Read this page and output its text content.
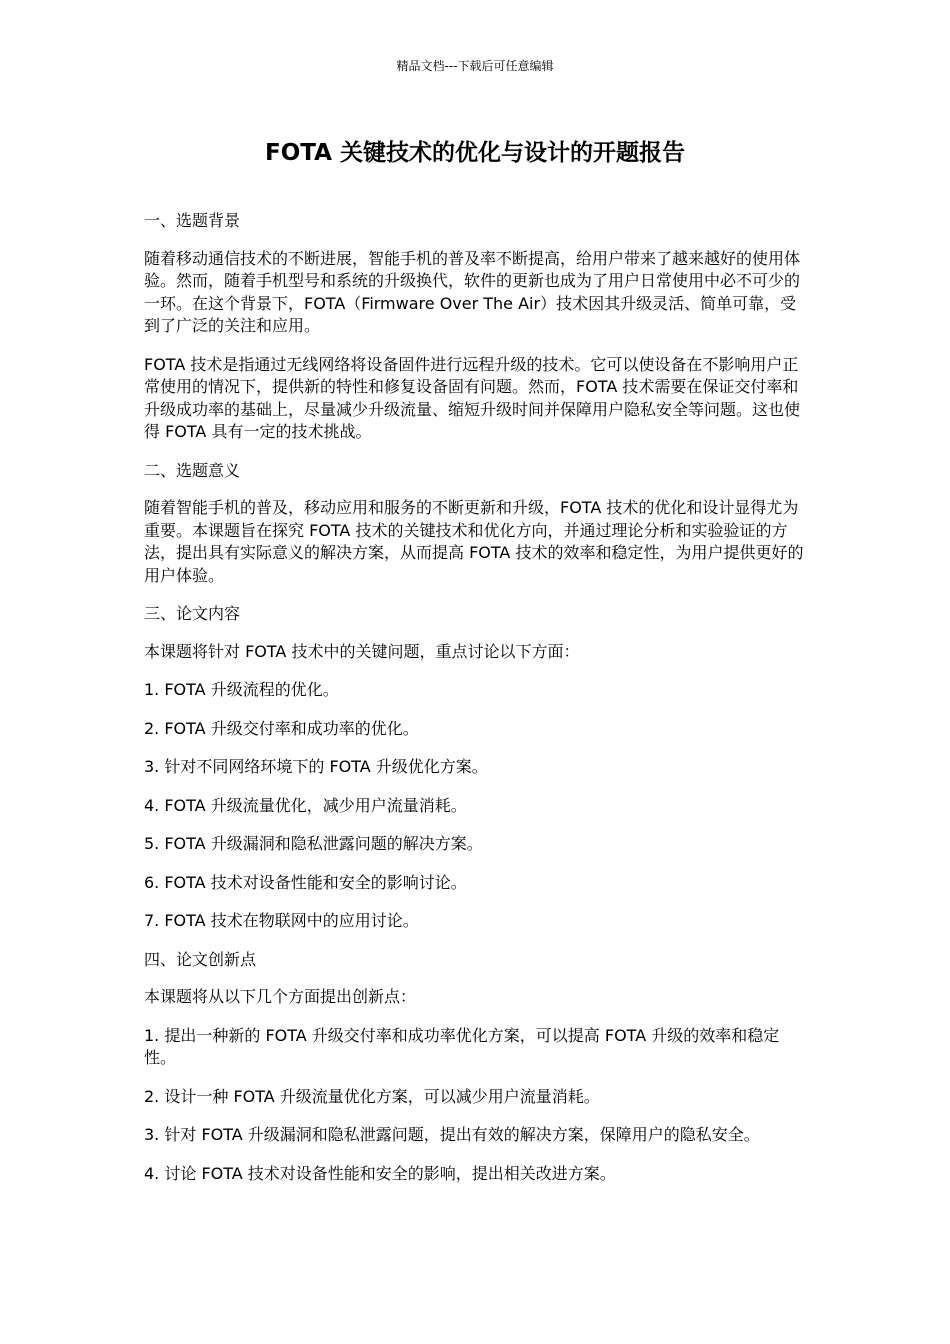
精品文档---下载后可任意编辑
FOTA 关键技术的优化与设计的开题报告

一、选题背景

随着移动通信技术的不断进展，智能手机的普及率不断提高，给用户带来了越来越好的使用体验。然而，随着手机型号和系统的升级换代，软件的更新也成为了用户日常使用中必不可少的一环。在这个背景下，FOTA（Firmware Over The Air）技术因其升级灵活、简单可靠，受到了广泛的关注和应用。

FOTA 技术是指通过无线网络将设备固件进行远程升级的技术。它可以使设备在不影响用户正常使用的情况下，提供新的特性和修复设备固有问题。然而，FOTA 技术需要在保证交付率和升级成功率的基础上，尽量减少升级流量、缩短升级时间并保障用户隐私安全等问题。这也使得 FOTA 具有一定的技术挑战。

二、选题意义

随着智能手机的普及，移动应用和服务的不断更新和升级，FOTA 技术的优化和设计显得尤为重要。本课题旨在探究 FOTA 技术的关键技术和优化方向，并通过理论分析和实验验证的方法，提出具有实际意义的解决方案，从而提高 FOTA 技术的效率和稳定性，为用户提供更好的用户体验。

三、论文内容

本课题将针对 FOTA 技术中的关键问题，重点讨论以下方面：

1. FOTA 升级流程的优化。

2. FOTA 升级交付率和成功率的优化。

3. 针对不同网络环境下的 FOTA 升级优化方案。

4. FOTA 升级流量优化，减少用户流量消耗。

5. FOTA 升级漏洞和隐私泄露问题的解决方案。

6. FOTA 技术对设备性能和安全的影响讨论。

7. FOTA 技术在物联网中的应用讨论。

四、论文创新点

本课题将从以下几个方面提出创新点：

1. 提出一种新的 FOTA 升级交付率和成功率优化方案，可以提高 FOTA 升级的效率和稳定性。

2. 设计一种 FOTA 升级流量优化方案，可以减少用户流量消耗。

3. 针对 FOTA 升级漏洞和隐私泄露问题，提出有效的解决方案，保障用户的隐私安全。

4. 讨论 FOTA 技术对设备性能和安全的影响，提出相关改进方案。
